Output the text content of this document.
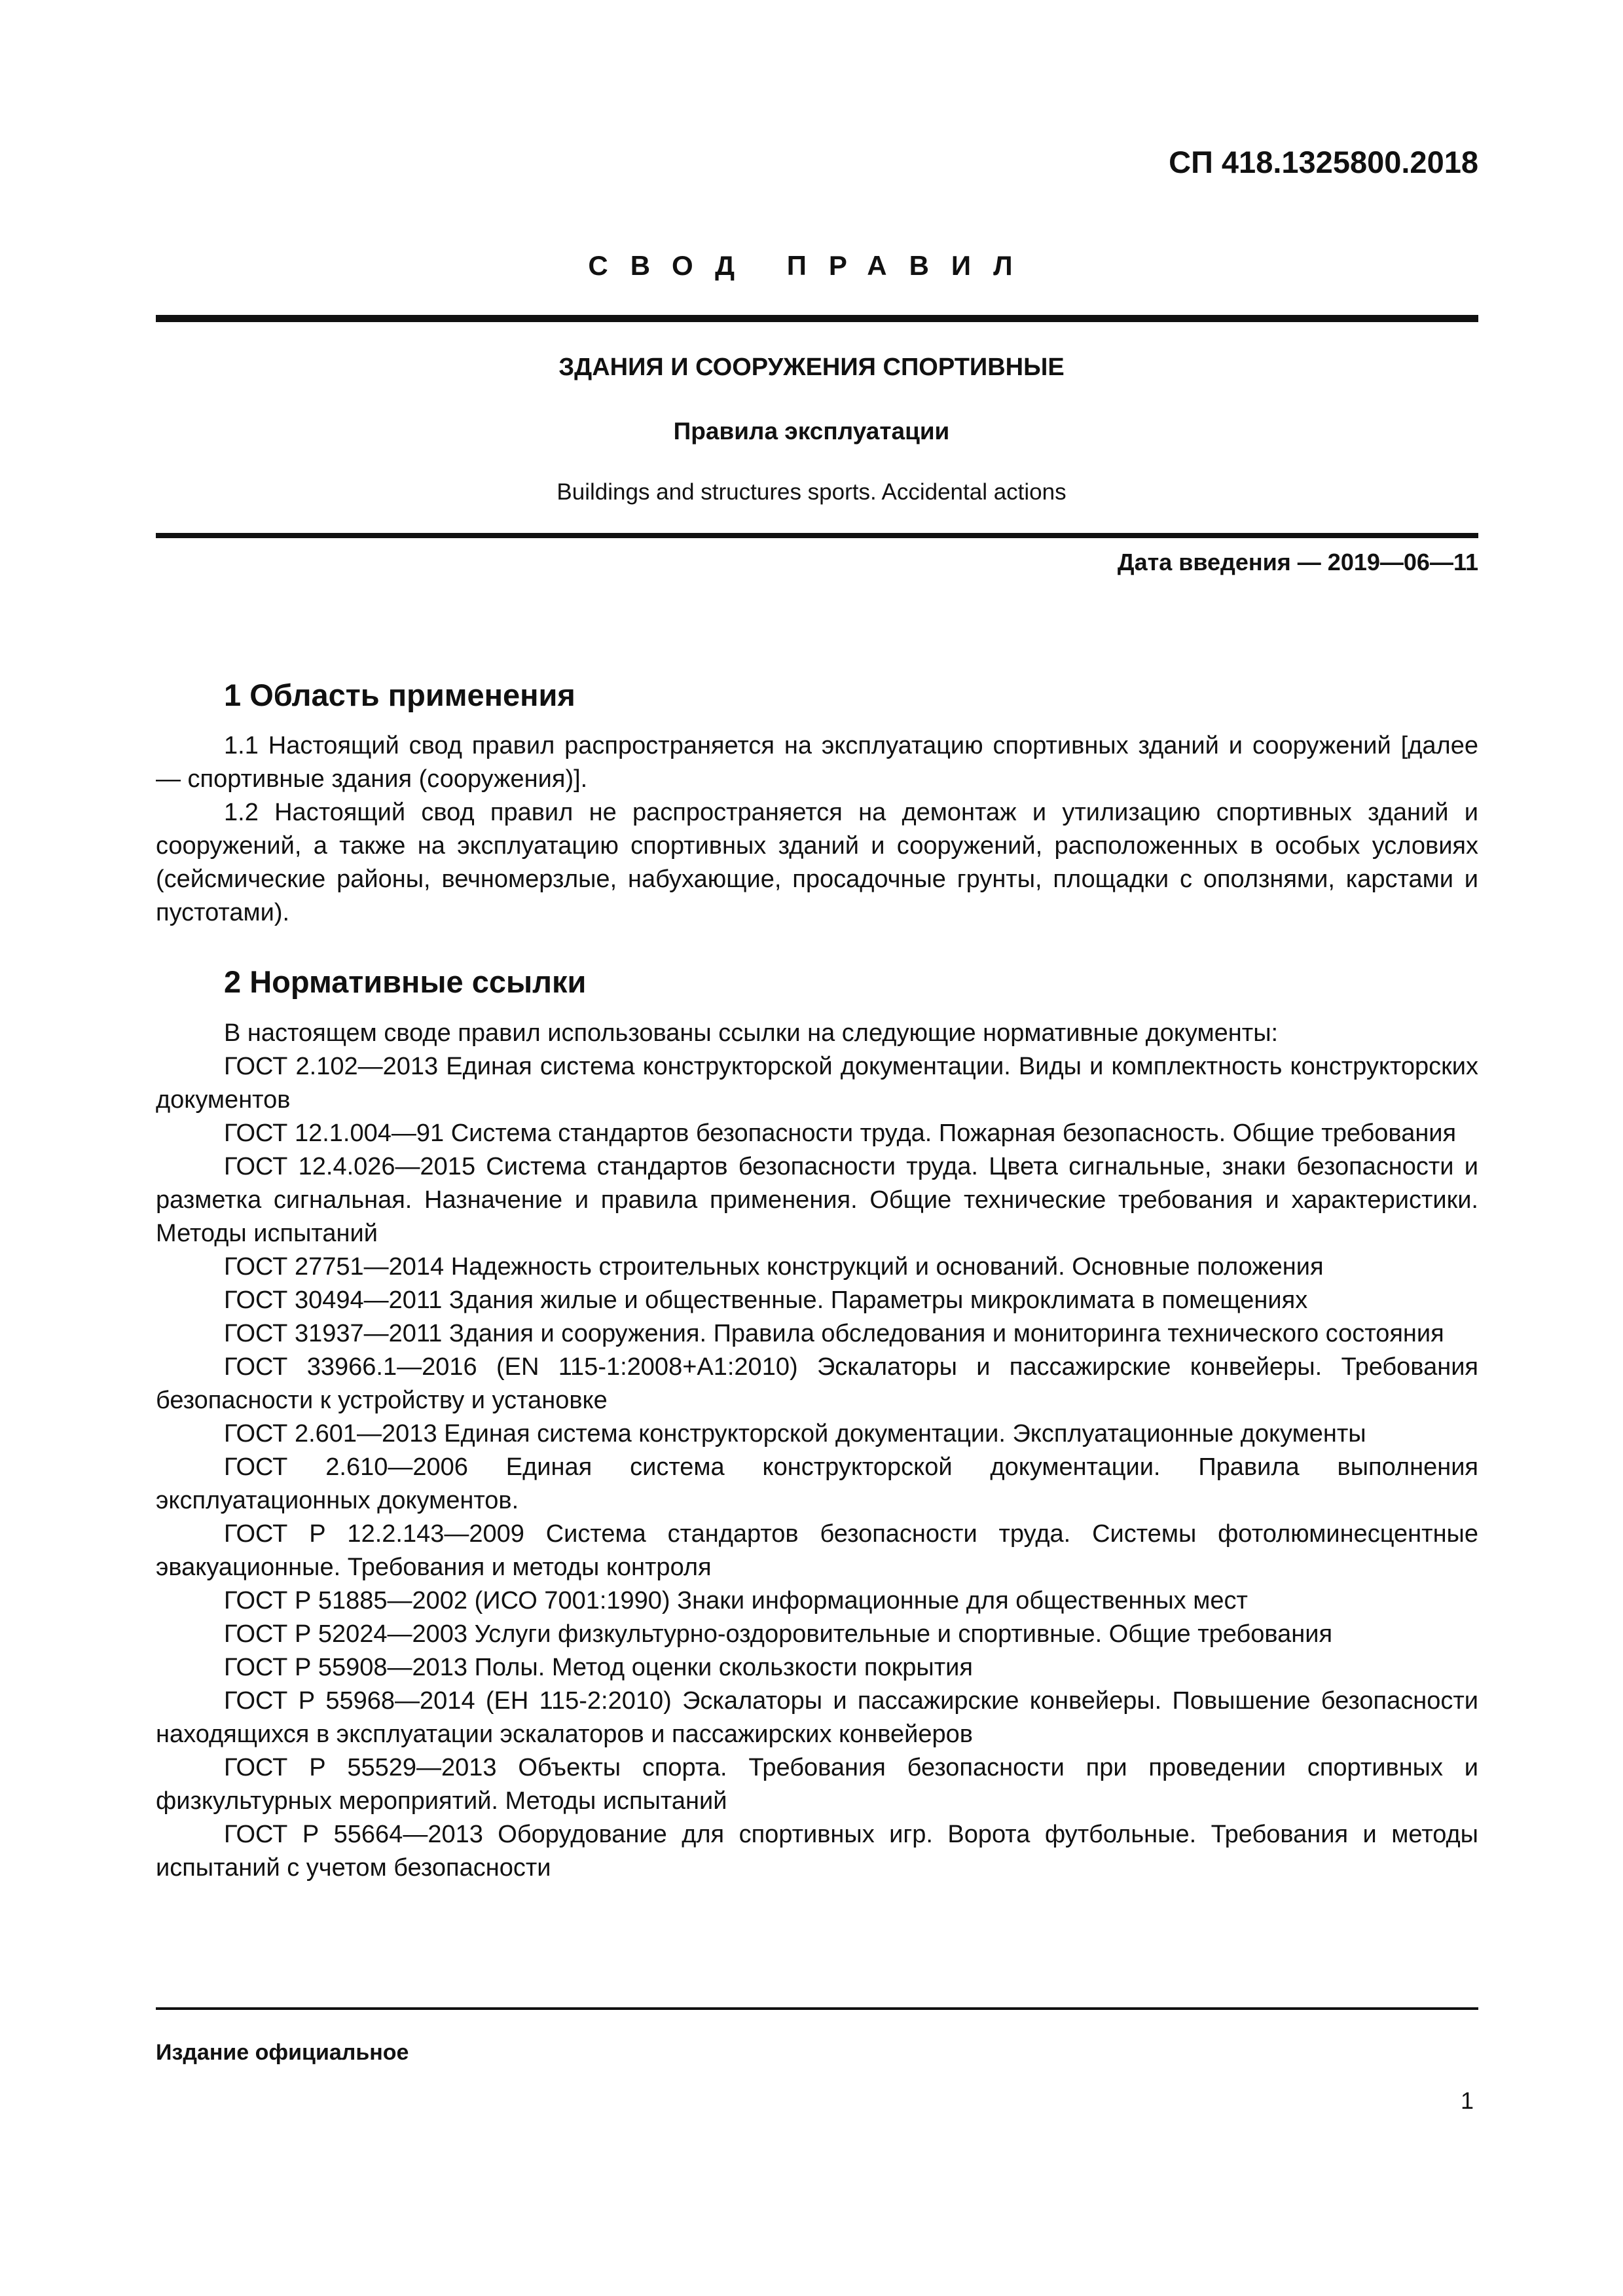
СП 418.1325800.2018
СВОД ПРАВИЛ
ЗДАНИЯ И СООРУЖЕНИЯ СПОРТИВНЫЕ
Правила эксплуатации
Buildings and structures sports. Accidental actions
Дата введения — 2019—06—11
1 Область применения

1.1 Настоящий свод правил распространяется на эксплуатацию спортивных зданий и сооружений [далее — спортивные здания (сооружения)].

1.2 Настоящий свод правил не распространяется на демонтаж и утилизацию спортивных зданий и сооружений, а также на эксплуатацию спортивных зданий и сооружений, расположенных в особых условиях (сейсмические районы, вечномерзлые, набухающие, просадочные грунты, площадки с оползнями, карстами и пустотами).

2 Нормативные ссылки

В настоящем своде правил использованы ссылки на следующие нормативные документы:

ГОСТ 2.102—2013 Единая система конструкторской документации. Виды и комплектность конструкторских документов

ГОСТ 12.1.004—91 Система стандартов безопасности труда. Пожарная безопасность. Общие требования

ГОСТ 12.4.026—2015 Система стандартов безопасности труда. Цвета сигнальные, знаки безопасности и разметка сигнальная. Назначение и правила применения. Общие технические требования и характеристики. Методы испытаний

ГОСТ 27751—2014 Надежность строительных конструкций и оснований. Основные положения

ГОСТ 30494—2011 Здания жилые и общественные. Параметры микроклимата в помещениях

ГОСТ 31937—2011 Здания и сооружения. Правила обследования и мониторинга технического состояния

ГОСТ 33966.1—2016 (EN 115-1:2008+A1:2010) Эскалаторы и пассажирские конвейеры. Требования безопасности к устройству и установке

ГОСТ 2.601—2013 Единая система конструкторской документации. Эксплуатационные документы

ГОСТ 2.610—2006 Единая система конструкторской документации. Правила выполнения эксплуатационных документов.

ГОСТ Р 12.2.143—2009 Система стандартов безопасности труда. Системы фотолюминесцентные эвакуационные. Требования и методы контроля

ГОСТ Р 51885—2002 (ИСО 7001:1990) Знаки информационные для общественных мест

ГОСТ Р 52024—2003 Услуги физкультурно-оздоровительные и спортивные. Общие требования

ГОСТ Р 55908—2013 Полы. Метод оценки скользкости покрытия

ГОСТ Р 55968—2014 (ЕН 115-2:2010) Эскалаторы и пассажирские конвейеры. Повышение безопасности находящихся в эксплуатации эскалаторов и пассажирских конвейеров

ГОСТ Р 55529—2013 Объекты спорта. Требования безопасности при проведении спортивных и физкультурных мероприятий. Методы испытаний

ГОСТ Р 55664—2013 Оборудование для спортивных игр. Ворота футбольные. Требования и методы испытаний с учетом безопасности

Издание официальное
1
